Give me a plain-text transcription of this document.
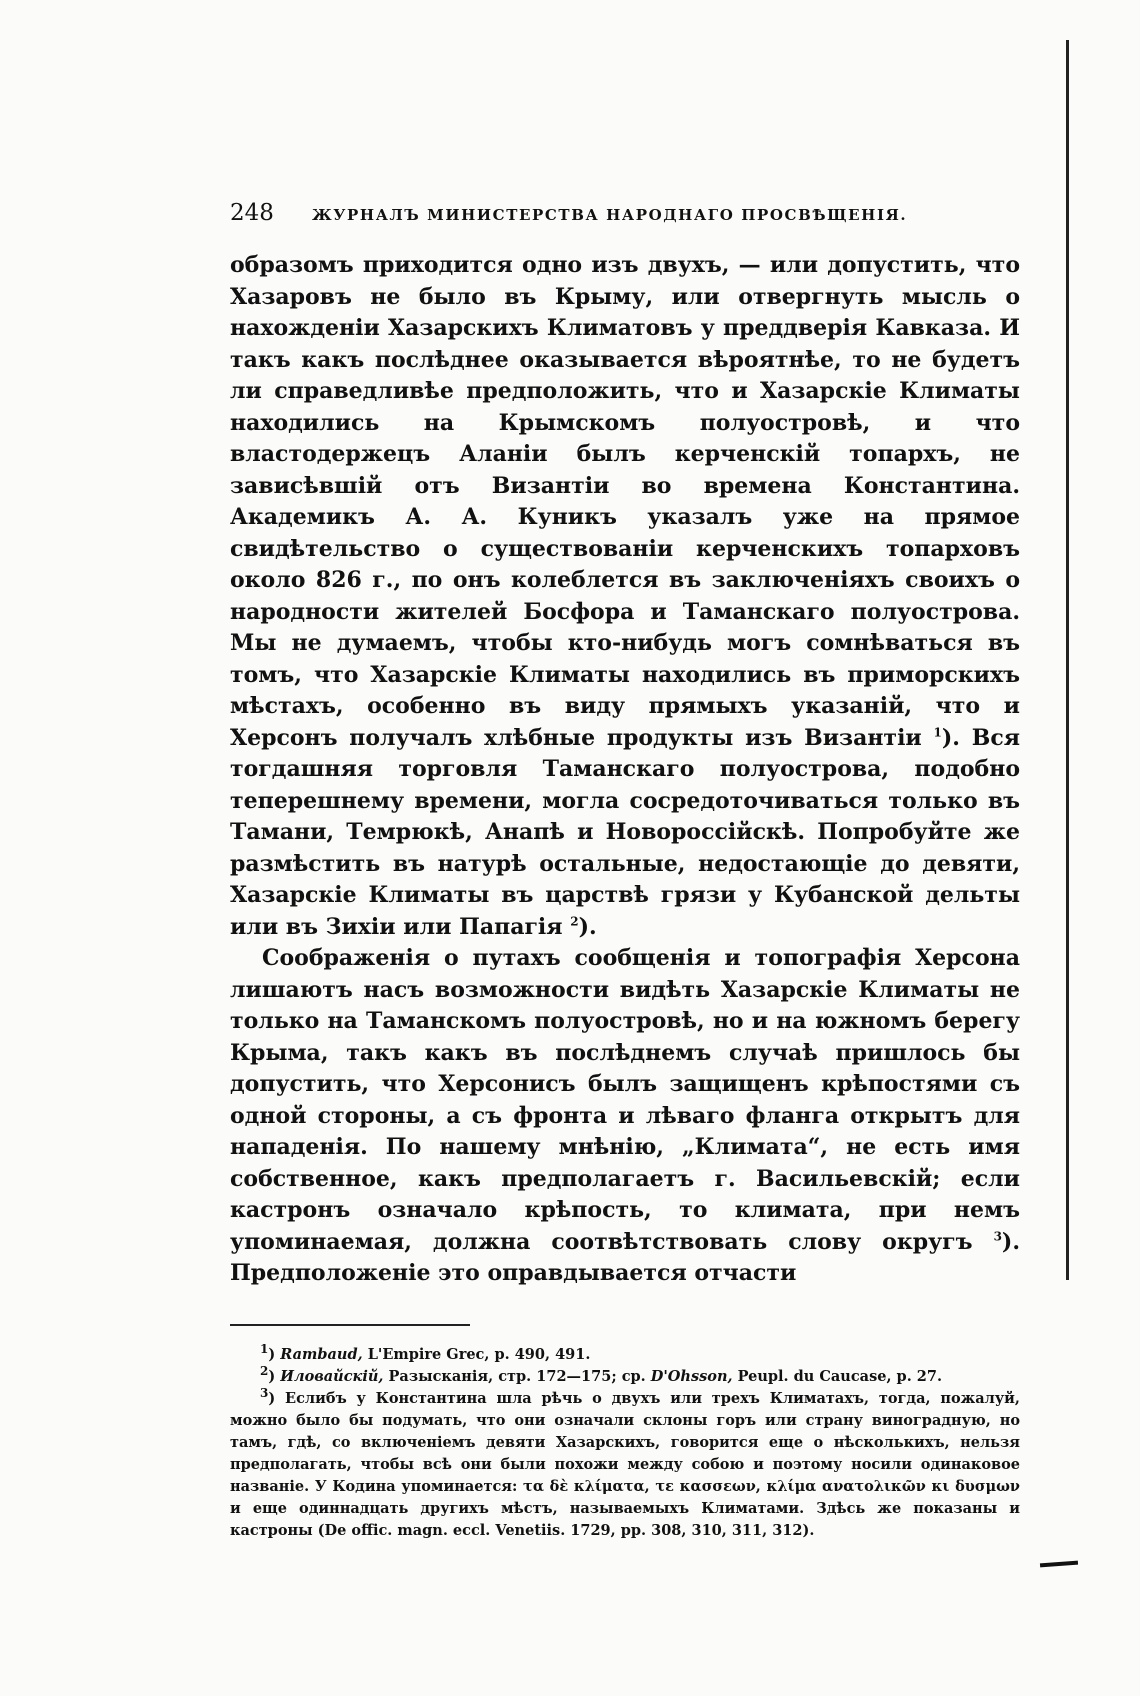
248	ЖУРНАЛЪ МИНИСТЕРСТВА НАРОДНАГО ПРОСВѢЩЕНІЯ.

образомъ приходится одно изъ двухъ, — или допустить, что Хазаровъ не было въ Крыму, или отвергнуть мысль о нахожденіи Хазарскихъ Климатовъ у преддверія Кавказа. И такъ какъ послѣднее оказывается вѣроятнѣе, то не будетъ ли справедливѣе предположить, что и Хазарскіе Климаты находились на Крымскомъ полуостровѣ, и что властодержецъ Аланіи былъ керченскій топархъ, не зависѣвшій отъ Византіи во времена Константина. Академикъ А. А. Куникъ указалъ уже на прямое свидѣтельство о существованіи керченскихъ топарховъ около 826 г., по онъ колеблется въ заключеніяхъ своихъ о народности жителей Босфора и Таманскаго полуострова. Мы не думаемъ, чтобы кто-нибудь могъ сомнѣваться въ томъ, что Хазарскіе Климаты находились въ приморскихъ мѣстахъ, особенно въ виду прямыхъ указаній, что и Херсонъ получалъ хлѣбные продукты изъ Византіи $^1$). Вся тогдашняя торговля Таманскаго полуострова, подобно теперешнему времени, могла сосредоточиваться только въ Тамани, Темрюкѣ, Анапѣ и Новороссійскѣ. Попробуйте же размѣстить въ натурѣ остальные, недостающіе до девяти, Хазарскіе Климаты въ царствѣ грязи у Кубанской дельты или въ Зихіи или Папагія $^2$).

Соображенія о путахъ сообщенія и топографія Херсона лишаютъ насъ возможности видѣть Хазарскіе Климаты не только на Таманскомъ полуостровѣ, но и на южномъ берегу Крыма, такъ какъ въ послѣднемъ случаѣ пришлось бы допустить, что Херсонисъ былъ защищенъ крѣпостями съ одной стороны, а съ фронта и лѣваго фланга открытъ для нападенія. По нашему мнѣнію, „Климата“, не есть имя собственное, какъ предполагаетъ г. Васильевскій; если кастронъ означало крѣпость, то климата, при немъ упоминаемая, должна соотвѣтствовать слову округъ $^3$). Предположеніе это оправдывается отчасти

$^1$) Rambaud, L'Empire Grec, p. 490, 491.

$^2$) Иловайскій, Разысканія, стр. 172—175; ср. D'Ohsson, Peupl. du Caucase, p. 27.

$^3$) Еслибъ у Константина шла рѣчь о двухъ или трехъ Климатахъ, тогда, пожалуй, можно было бы подумать, что они означали склоны горъ или страну виноградную, но тамъ, гдѣ, со включеніемъ девяти Хазарскихъ, говорится еще о нѣсколькихъ, нельзя предполагать, чтобы всѣ они были похожи между собою и поэтому носили одинаковое названіе. У Кодина упоминается: τα δὲ κλίματα, τε κασσεων, κλίμα ανατολικῶν κι δυσμων и еще одиннадцать другихъ мѣстъ, называемыхъ Климатами. Здѣсь же показаны и кастроны (De offic. magn. eccl. Venetiis. 1729, pp. 308, 310, 311, 312).
